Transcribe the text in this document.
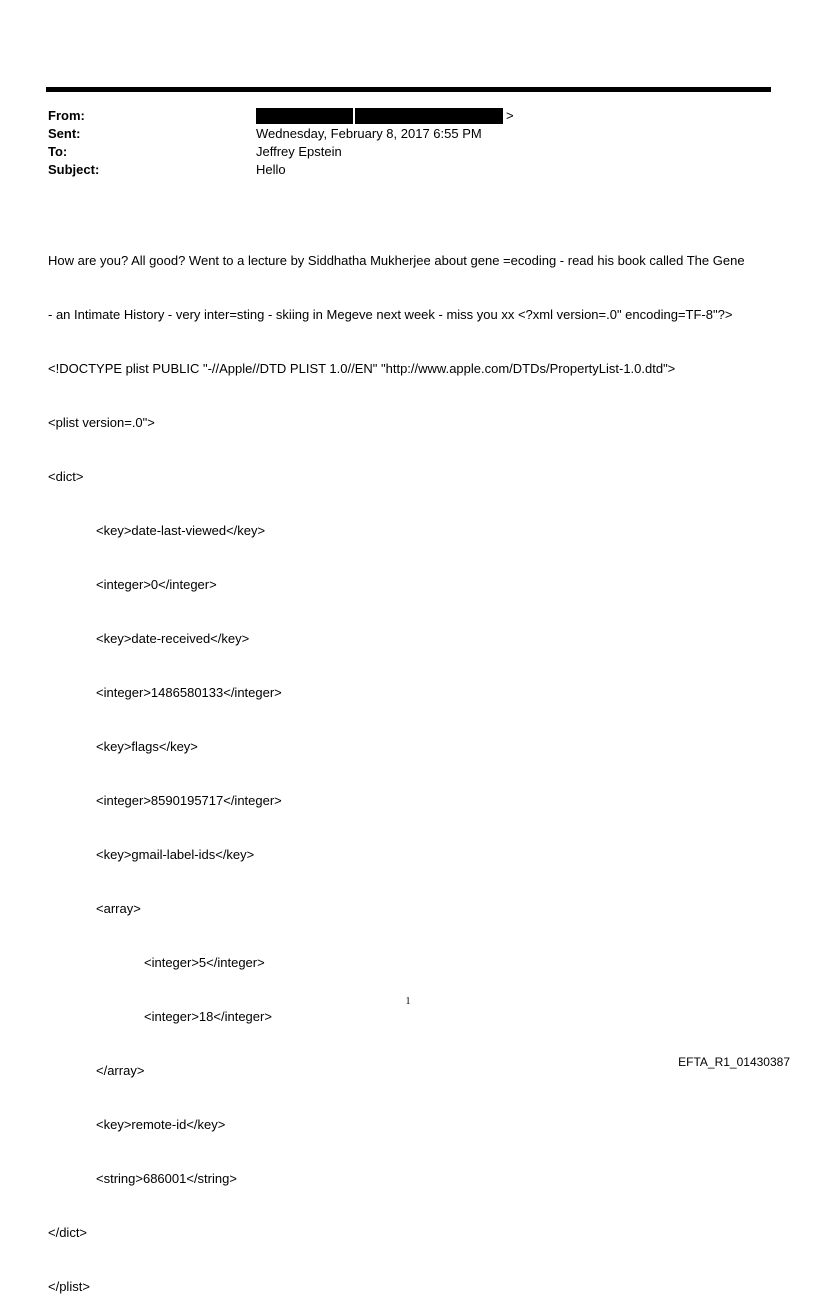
From:	>
Sent:	Wednesday, February 8, 2017 6:55 PM
To:	Jeffrey Epstein
Subject:	Hello

How are you? All good? Went to a lecture by Siddhatha Mukherjee about gene =ecoding - read his book called The Gene

- an Intimate History - very inter=sting - skiing in Megeve next week - miss you xx <?xml version=.0" encoding=TF-8"?>

<!DOCTYPE plist PUBLIC "-//Apple//DTD PLIST 1.0//EN" "http://www.apple.com/DTDs/PropertyList-1.0.dtd">

<plist version=.0">

<dict>

<key>date-last-viewed</key>

<integer>0</integer>

<key>date-received</key>

<integer>1486580133</integer>

<key>flags</key>

<integer>8590195717</integer>

<key>gmail-label-ids</key>

<array>

<integer>5</integer>

<integer>18</integer>

</array>

<key>remote-id</key>

<string>686001</string>

</dict>

</plist>

1
EFTA_R1_01430387
